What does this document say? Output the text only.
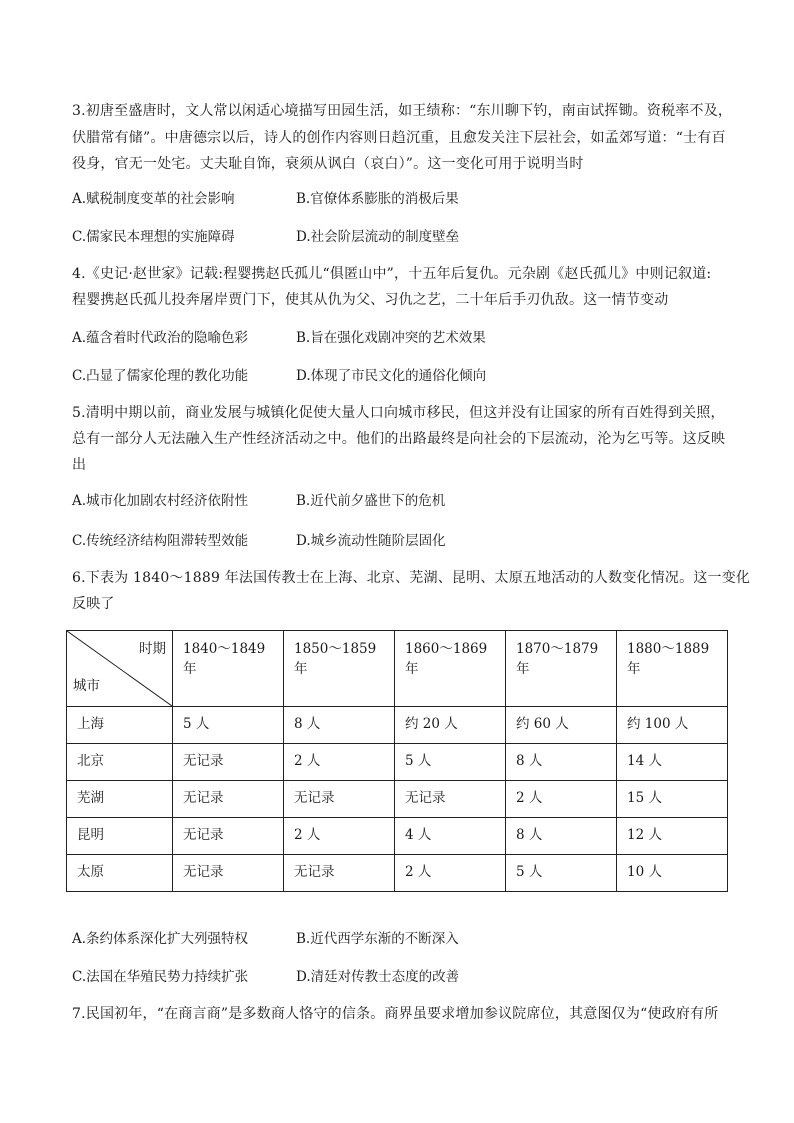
3.初唐至盛唐时，文人常以闲适心境描写田园生活，如王绩称：“东川聊下钓，南亩试挥锄。资税率不及，
伏腊常有储”。中唐德宗以后，诗人的创作内容则日趋沉重，且愈发关注下层社会，如孟郊写道：“士有百
役身，官无一处宅。丈夫耻自饰，衰须从讽白（哀白）”。这一变化可用于说明当时
A.赋税制度变革的社会影响	B.官僚体系膨胀的消极后果
C.儒家民本理想的实施障碍	D.社会阶层流动的制度壁垒
4.《史记·赵世家》记载:程婴携赵氏孤儿“俱匿山中”，十五年后复仇。元杂剧《赵氏孤儿》中则记叙道:
程婴携赵氏孤儿投奔屠岸贾门下，使其从仇为父、习仇之艺，二十年后手刃仇敌。这一情节变动
A.蕴含着时代政治的隐喻色彩	B.旨在强化戏剧冲突的艺术效果
C.凸显了儒家伦理的教化功能	D.体现了市民文化的通俗化倾向
5.清明中期以前，商业发展与城镇化促使大量人口向城市移民，但这并没有让国家的所有百姓得到关照，
总有一部分人无法融入生产性经济活动之中。他们的出路最终是向社会的下层流动，沦为乞丐等。这反映
出
A.城市化加剧农村经济依附性	B.近代前夕盛世下的危机
C.传统经济结构阻滞转型效能	D.城乡流动性随阶层固化
6.下表为 1840～1889 年法国传教士在上海、北京、芜湖、昆明、太原五地活动的人数变化情况。这一变化
反映了
时期
城市	1840～1849 年	1850～1859 年	1860～1869 年	1870～1879 年	1880～1889 年
上海	5 人	8 人	约 20 人	约 60 人	约 100 人
北京	无记录	2 人	5 人	8 人	14 人
芜湖	无记录	无记录	无记录	2 人	15 人
昆明	无记录	2 人	4 人	8 人	12 人
太原	无记录	无记录	2 人	5 人	10 人
A.条约体系深化扩大列强特权	B.近代西学东渐的不断深入
C.法国在华殖民势力持续扩张	D.清廷对传教士态度的改善
7.民国初年，“在商言商”是多数商人恪守的信条。商界虽要求增加参议院席位，其意图仅为“使政府有所
